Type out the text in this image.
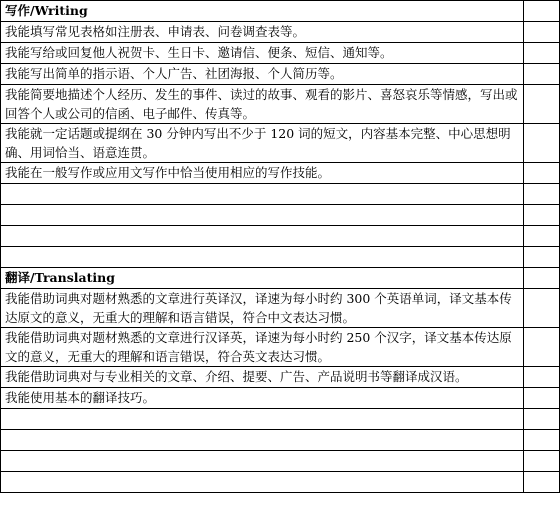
写作/Writing	
我能填写常见表格如注册表、申请表、问卷调查表等。	
我能写给或回复他人祝贺卡、生日卡、邀请信、便条、短信、通知等。	
我能写出简单的指示语、个人广告、社团海报、个人简历等。	
我能简要地描述个人经历、发生的事件、读过的故事、观看的影片、喜怒哀乐等情感，写出或回答个人或公司的信函、电子邮件、传真等。	
我能就一定话题或提纲在 30 分钟内写出不少于 120 词的短文，内容基本完整、中心思想明确、用词恰当、语意连贯。	
我能在一般写作或应用文写作中恰当使用相应的写作技能。	

翻译/Translating	
我能借助词典对题材熟悉的文章进行英译汉，译速为每小时约 300 个英语单词，译文基本传达原文的意义，无重大的理解和语言错误，符合中文表达习惯。	
我能借助词典对题材熟悉的文章进行汉译英，译速为每小时约 250 个汉字，译文基本传达原文的意义，无重大的理解和语言错误，符合英文表达习惯。	
我能借助词典对与专业相关的文章、介绍、提要、广告、产品说明书等翻译成汉语。	
我能使用基本的翻译技巧。	
